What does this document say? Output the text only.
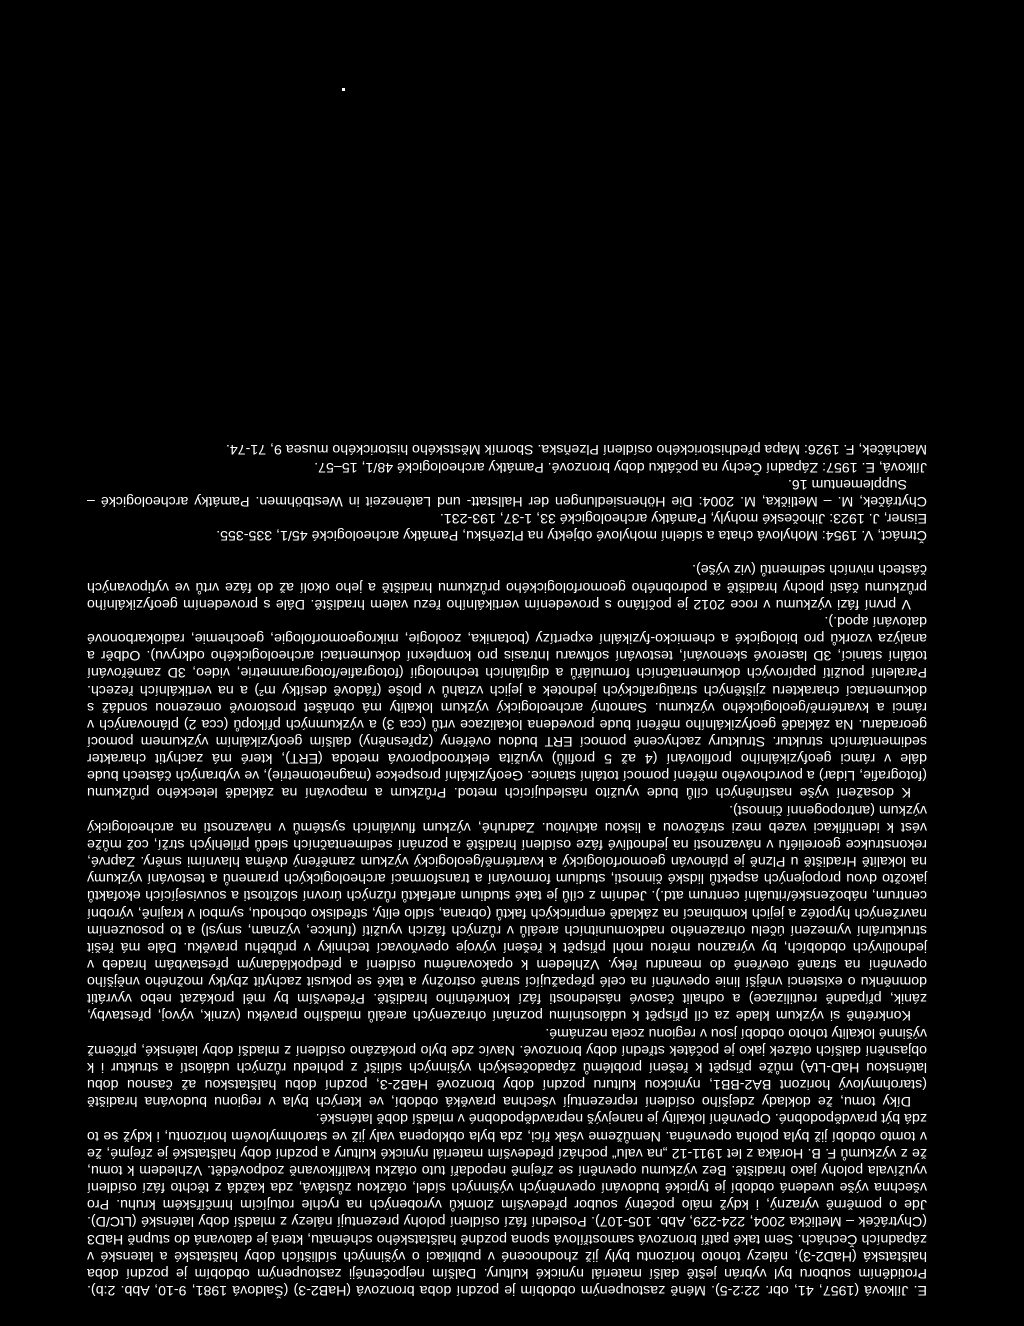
E. Jílková (1957, 41, obr. 22:2-5). Méně zastoupeným obdobím je pozdní doba bronzová (HaB2-3) (Šaldová 1981, 9-10, Abb. 2:b). Protiděním souboru byl vybrán ještě další materiál nynické kultury. Dalším nejpočetněji zastoupeným obdobím je pozdní doba halštatská (HaD2-3), nálezy tohoto horizontu byly již zhodnocené v publikaci o výšinných sídlištích doby halštatské a latenské v západních Čechách. Sem také patří bronzová samostřílová spona pozdně halštatského schématu, která je datovaná do stupně HaD3 (Chytráček – Metlička 2004, 224-229, Abb. 105-107). Poslední fází osídlení polohy prezentují nálezy z mladší doby laténské (LtC/D). Jde o poměrně výrazný, i když málo početný soubor především zlomků vyrobených na rychle rotujícím hrnčířském kruhu. Pro všechna výše uvedená období je typické budování opevněných výšinných sídel, otázkou zůstává, zda každá z těchto fází osídlení využívala polohy jako hradiště. Bez výzkumu opevnění se zřejmě nepodaří tuto otázku kvalifikovaně zodpovědět. Vzhledem k tomu, že z výzkumů F. B. Horáka z let 1911-12 „na valu“ pochází především materiál nynické kultury a pozdní doby halštatské je zřejmé, že v tomto období již byla poloha opevněna. Nemůžeme však říci, zda byla obklopena valy již ve starohmylovém horizontu, i když se to zdá být pravděpodobné. Opevnění lokality je nanejvýš nepravděpodobné v mladší době laténské.

Díky tomu, že doklady zdejšího osídlení reprezentují všechna pravěká období, ve kterých byla v regionu budována hradiště (starohmylový horizont BA2-BB1, nynickou kulturu pozdní doby bronzové HaB2-3, pozdní dobu halštatskou až časnou dobu laténskou HaD-LtA) může přispět k řešení problémů západočeských výšinných sídlišť z pohledu různých událostí a struktur i k objasnění dalších otázek jako je počátek střední doby bronzové. Navíc zde bylo prokázáno osídlení z mladší doby laténské, přičemž výšinné lokality tohoto období jsou v regionu zcela neznámé.

Konkrétně si výzkum klade za cíl přispět k událostnímu poznání ohrazených areálů mladšího pravěku (vznik, vývoj, přestavby, zánik, případně reutilizace) a odhalit časové následnosti fází konkrétního hradiště. Především by měl prokázat nebo vyvrátit domněnku o existenci vnější linie opevnění na celé přepažující straně ostrožny a také se pokusit zachytit zbytky možného vnějšího opevnění na straně otevřené do meandru řeky. Vzhledem k opakovanému osídlení a předpokládaným přestavbám hradeb v jednotlivých obdobích, by výraznou měrou mohl přispět k řešení vývoje opevňovací techniky v průběhu pravěku. Dále má řešit strukturální vymezení účelu ohrazeného nadkomunitních areálů v různých fázích využití (funkce, význam, smysl) a to posouzením navržených hypotéz a jejich kombinací na základě empirických faktů (obrana, sídlo elity, středisko obchodu, symbol v krajině, výrobní centrum, náboženské/rituální centrum atd.). Jedním z cílů je také studium artefaktů různých úrovní složitosti a souvisejících ekofaktů jakožto dvou propojených aspektů lidské činnosti, studium formování a transformací archeologických pramenů a testování výzkumy na lokalitě Hradiště u Plzně je plánován geomorfologický a kvartérně/geologický výzkum zaměřený dvěma hlavními směry. Zaprvé, rekonstrukce georeliéfu v návaznosti na jednotlivé fáze osídlení hradiště a poznání sedimentačních sledů přilehlých strží, což může vést k identifikaci vazeb mezi strážovou a liskou aktivitou. Zadruhé, výzkum fluviálních systémů v návaznosti na archeologický výzkum (antropogenní činnost).

K dosažení výše nastíněných cílů bude využito následujících metod. Průzkum a mapování na základě leteckého průzkumu (fotografie, Lidar) a povrchového měření pomocí totální stanice. Geofyzikální prospekce (magnetometrie), ve vybraných částech bude dále v rámci geofyzikálního profilování (4 až 5 profilů) využita elektroodporová metoda (ERT), které má zachytit charakter sedimentárních struktur. Struktury zachycené pomocí ERT budou ověřeny (zpřesněny) dalším geofyzikálním výzkumem pomocí georadaru. Na základě geofyzikálního měření bude provedena lokalizace vrtů (cca 3) a výzkumných příkopů (cca 2) plánovaných v rámci a kvartérně/geologického výzkumu. Samotný archeologický výzkum lokality má obnášet prostorově omezenou sondáž s dokumentací charakteru zjištěných stratigrafických jednotek a jejich vztahů v ploše (řádově desítky m²) a na vertikálních řezech. Paralelní použití papírových dokumentačních formulářů a digitálních technologií (fotografie/fotogrammetrie, video, 3D zaměřování totální stanicí, 3D laserové skenování, testování softwaru Intrasis pro komplexní dokumentaci archeologického odkryvu). Odběr a analýza vzorků pro biologické a chemicko-fyzikální expertízy (botanika, zoologie, mikrogeomorfologie, geochemie, radiokarbonové datování apod.).

V první fázi výzkumu v roce 2012 je počítáno s provedením vertikálního řezu valem hradiště. Dále s provedením geofyzikálního průzkumu části plochy hradiště a podrobného geomorfologického průzkumu hradiště a jeho okolí až do fáze vrtů ve vytipovaných částech nivních sedimentů (viz výše).

Čtrnáct, V. 1954: Mohylová chata a sídelní mohylové objekty na Plzeňsku, Památky archeologické 45/1, 335-355.

Eisner, J. 1923: Jihočeské mohyly, Památky archeologické 33, 1-37, 193-231.

Chytráček, M. – Metlička, M. 2004: Die Höhensiedlungen der Hallstatt- und Latènezeit in Westböhmen. Památky archeologické – Supplementum 16.

Jílková, E. 1957: Západní Čechy na počátku doby bronzové. Památky archeologické 48/1, 15–57.

Macháček, F. 1926: Mapa předhistorického osídlení Plzeňska. Sborník Městského historického musea 9, 71-74.
